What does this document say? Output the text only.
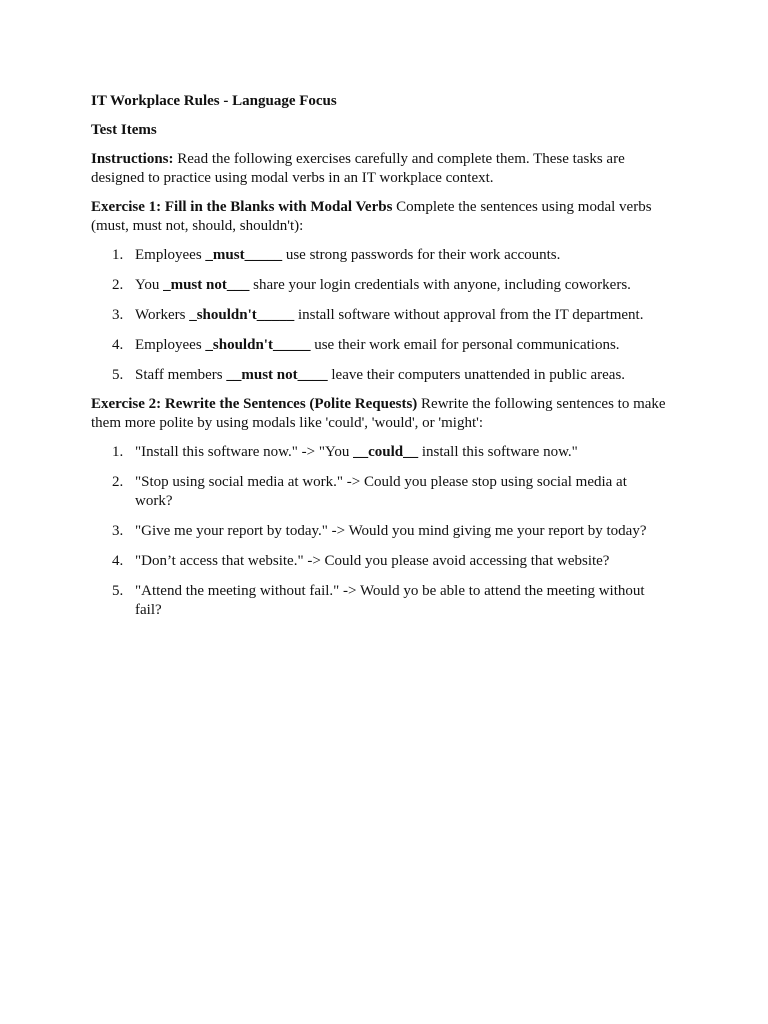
IT Workplace Rules - Language Focus

Test Items

Instructions: Read the following exercises carefully and complete them. These tasks are designed to practice using modal verbs in an IT workplace context.

Exercise 1: Fill in the Blanks with Modal Verbs Complete the sentences using modal verbs (must, must not, should, shouldn't):

1. Employees _must_____ use strong passwords for their work accounts.
2. You _must not___ share your login credentials with anyone, including coworkers.
3. Workers _shouldn't_____ install software without approval from the IT department.
4. Employees _shouldn't_____ use their work email for personal communications.
5. Staff members __must not____ leave their computers unattended in public areas.

Exercise 2: Rewrite the Sentences (Polite Requests) Rewrite the following sentences to make them more polite by using modals like 'could', 'would', or 'might':

1. "Install this software now." -> "You __could__ install this software now."
2. "Stop using social media at work." -> Could you please stop using social media at work?
3. "Give me your report by today." -> Would you mind giving me your report by today?
4. "Don’t access that website." -> Could you please avoid accessing that website?
5. "Attend the meeting without fail." -> Would yo be able to attend the meeting without fail?
